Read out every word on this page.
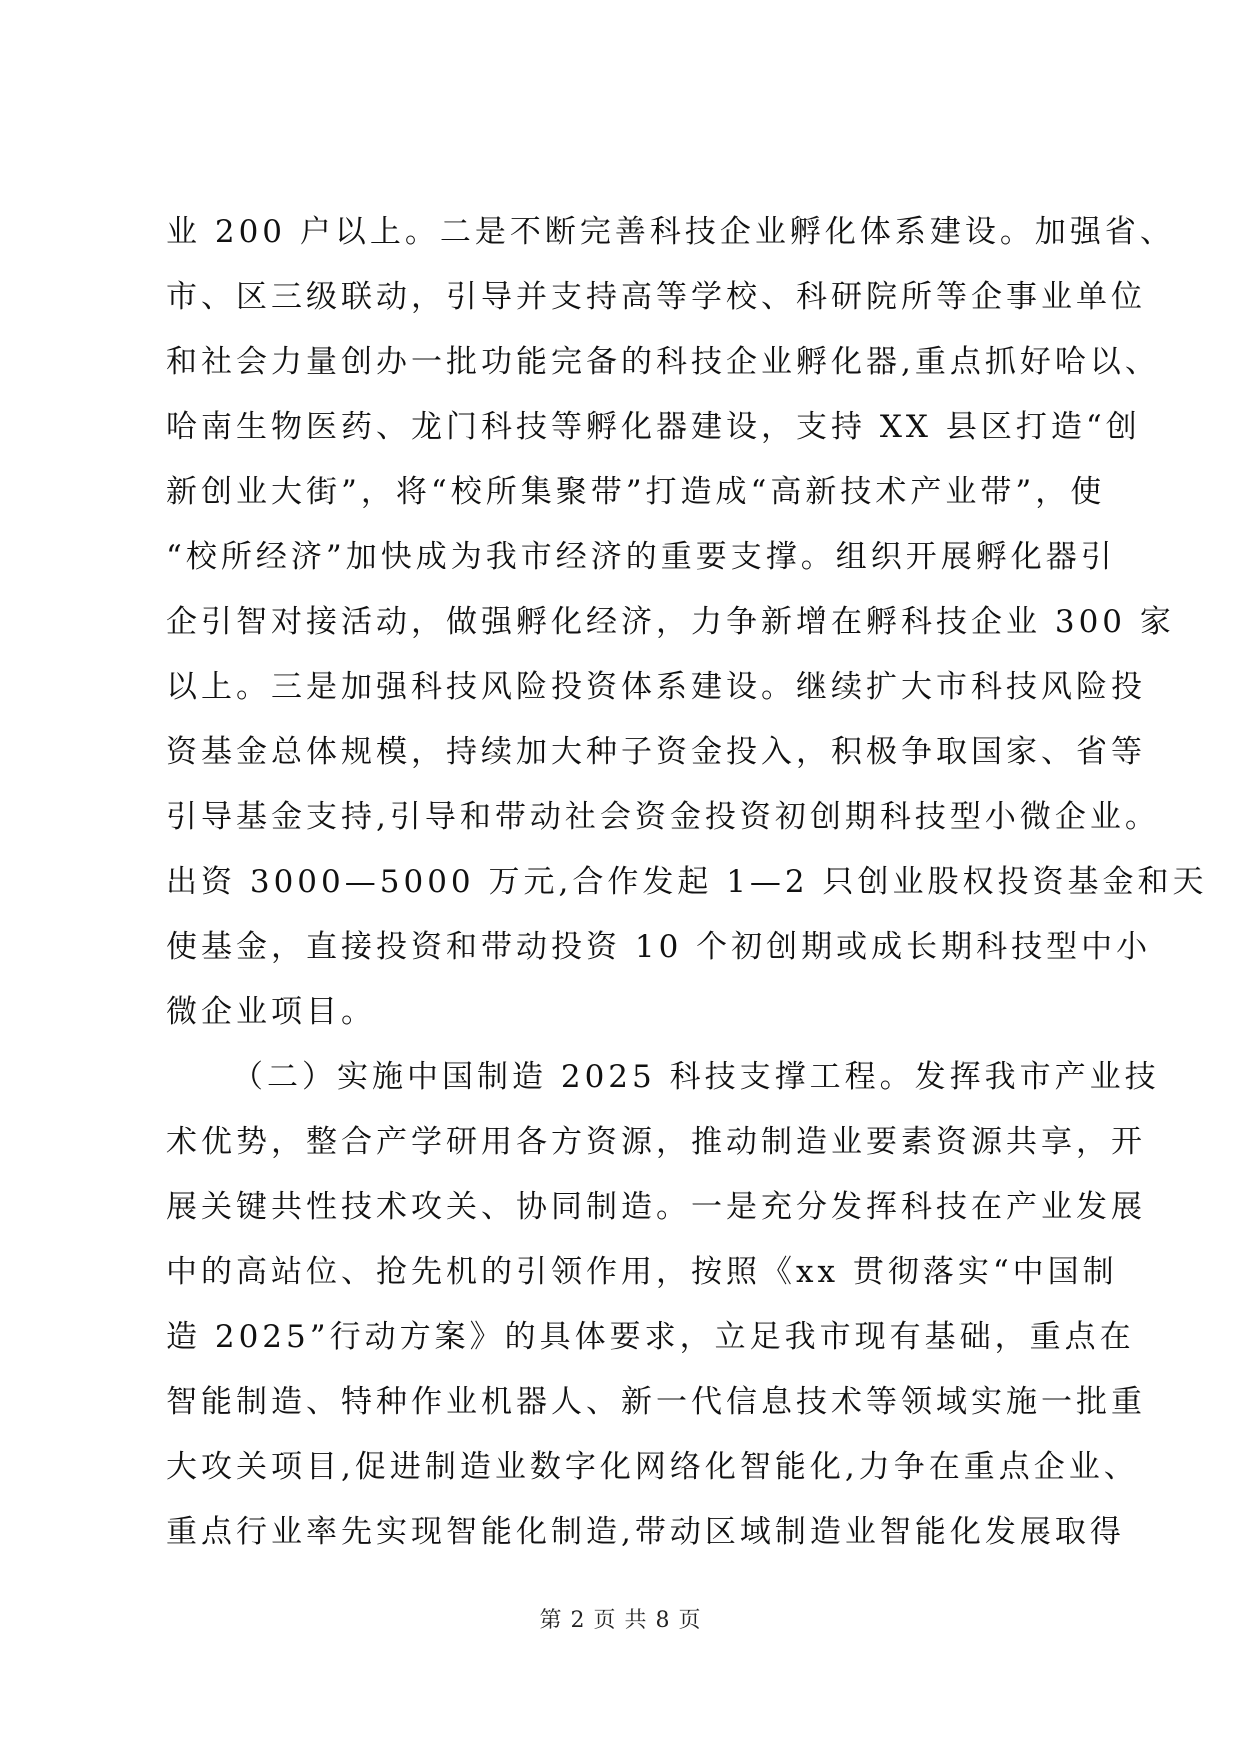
业 200 户以上。二是不断完善科技企业孵化体系建设。加强省、
市、区三级联动，引导并支持高等学校、科研院所等企事业单位
和社会力量创办一批功能完备的科技企业孵化器,重点抓好哈以、
哈南生物医药、龙门科技等孵化器建设，支持 XX 县区打造“创
新创业大街”，将“校所集聚带”打造成“高新技术产业带”，使
“校所经济”加快成为我市经济的重要支撑。组织开展孵化器引
企引智对接活动，做强孵化经济，力争新增在孵科技企业 300 家
以上。三是加强科技风险投资体系建设。继续扩大市科技风险投
资基金总体规模，持续加大种子资金投入，积极争取国家、省等
引导基金支持,引导和带动社会资金投资初创期科技型小微企业。
出资 3000—5000 万元,合作发起 1—2 只创业股权投资基金和天
使基金，直接投资和带动投资 10 个初创期或成长期科技型中小
微企业项目。
（二）实施中国制造 2025 科技支撑工程。发挥我市产业技
术优势，整合产学研用各方资源，推动制造业要素资源共享，开
展关键共性技术攻关、协同制造。一是充分发挥科技在产业发展
中的高站位、抢先机的引领作用，按照《xx 贯彻落实“中国制
造 2025”行动方案》的具体要求，立足我市现有基础，重点在
智能制造、特种作业机器人、新一代信息技术等领域实施一批重
大攻关项目,促进制造业数字化网络化智能化,力争在重点企业、
重点行业率先实现智能化制造,带动区域制造业智能化发展取得
第 2 页 共 8 页
